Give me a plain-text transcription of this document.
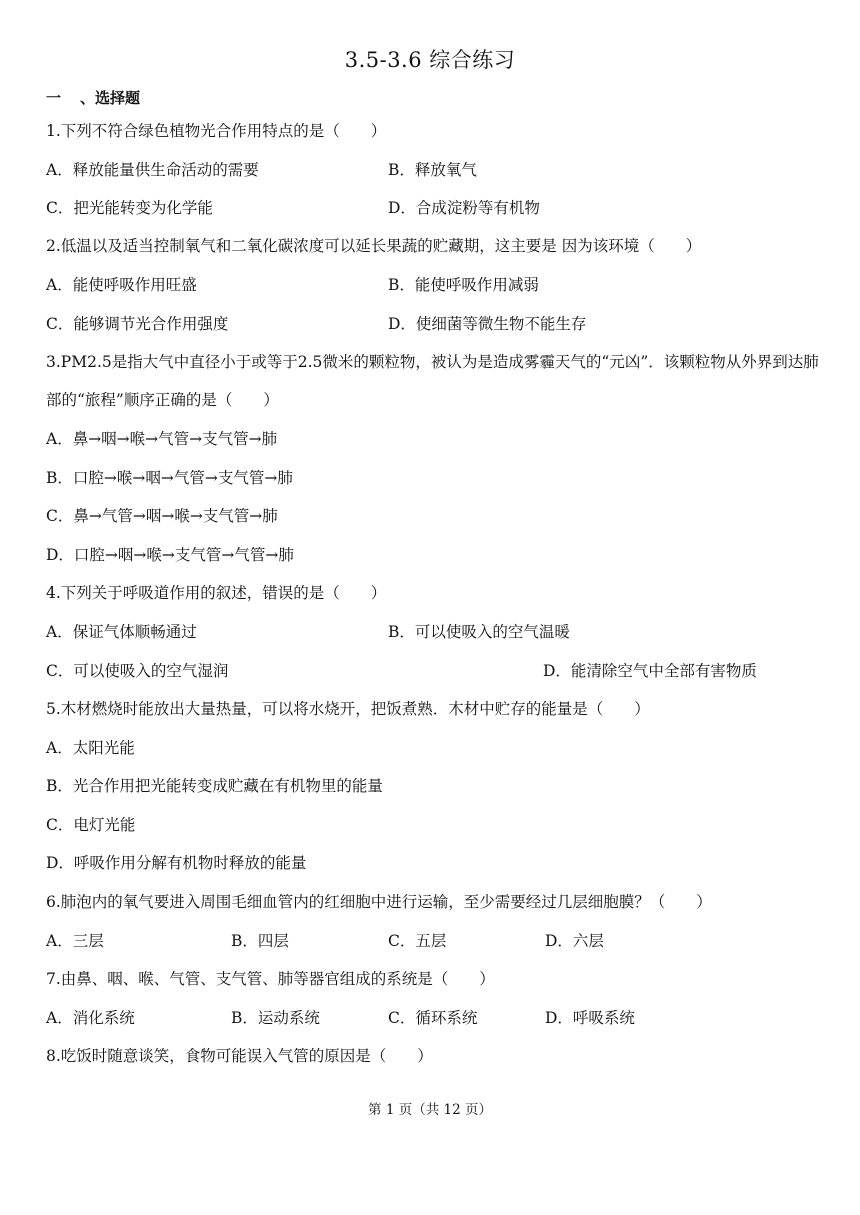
3.5-3.6 综合练习
一 、选择题
1.下列不符合绿色植物光合作用特点的是（　　）
A．释放能量供生命活动的需要	B．释放氧气
C．把光能转变为化学能	D．合成淀粉等有机物
2.低温以及适当控制氧气和二氧化碳浓度可以延长果蔬的贮藏期，这主要是 因为该环境（　　）
A．能使呼吸作用旺盛	B．能使呼吸作用减弱
C．能够调节光合作用强度	D．使细菌等微生物不能生存
3.PM2.5是指大气中直径小于或等于2.5微米的颗粒物，被认为是造成雾霾天气的“元凶”．该颗粒物从外界到达肺部的“旅程”顺序正确的是（　　）
A．鼻→咽→喉→气管→支气管→肺
B．口腔→喉→咽→气管→支气管→肺
C．鼻→气管→咽→喉→支气管→肺
D．口腔→咽→喉→支气管→气管→肺
4.下列关于呼吸道作用的叙述，错误的是（　　）
A．保证气体顺畅通过	B．可以使吸入的空气温暖
C．可以使吸入的空气湿润	D．能清除空气中全部有害物质
5.木材燃烧时能放出大量热量，可以将水烧开，把饭煮熟．木材中贮存的能量是（　　）
A．太阳光能
B．光合作用把光能转变成贮藏在有机物里的能量
C．电灯光能
D．呼吸作用分解有机物时释放的能量
6.肺泡内的氧气要进入周围毛细血管内的红细胞中进行运输，至少需要经过几层细胞膜？（　　）
A．三层	B．四层	C．五层	D．六层
7.由鼻、咽、喉、气管、支气管、肺等器官组成的系统是（　　）
A．消化系统	B．运动系统	C．循环系统	D．呼吸系统
8.吃饭时随意谈笑，食物可能误入气管的原因是（　　）
第 1 页（共 12 页）
